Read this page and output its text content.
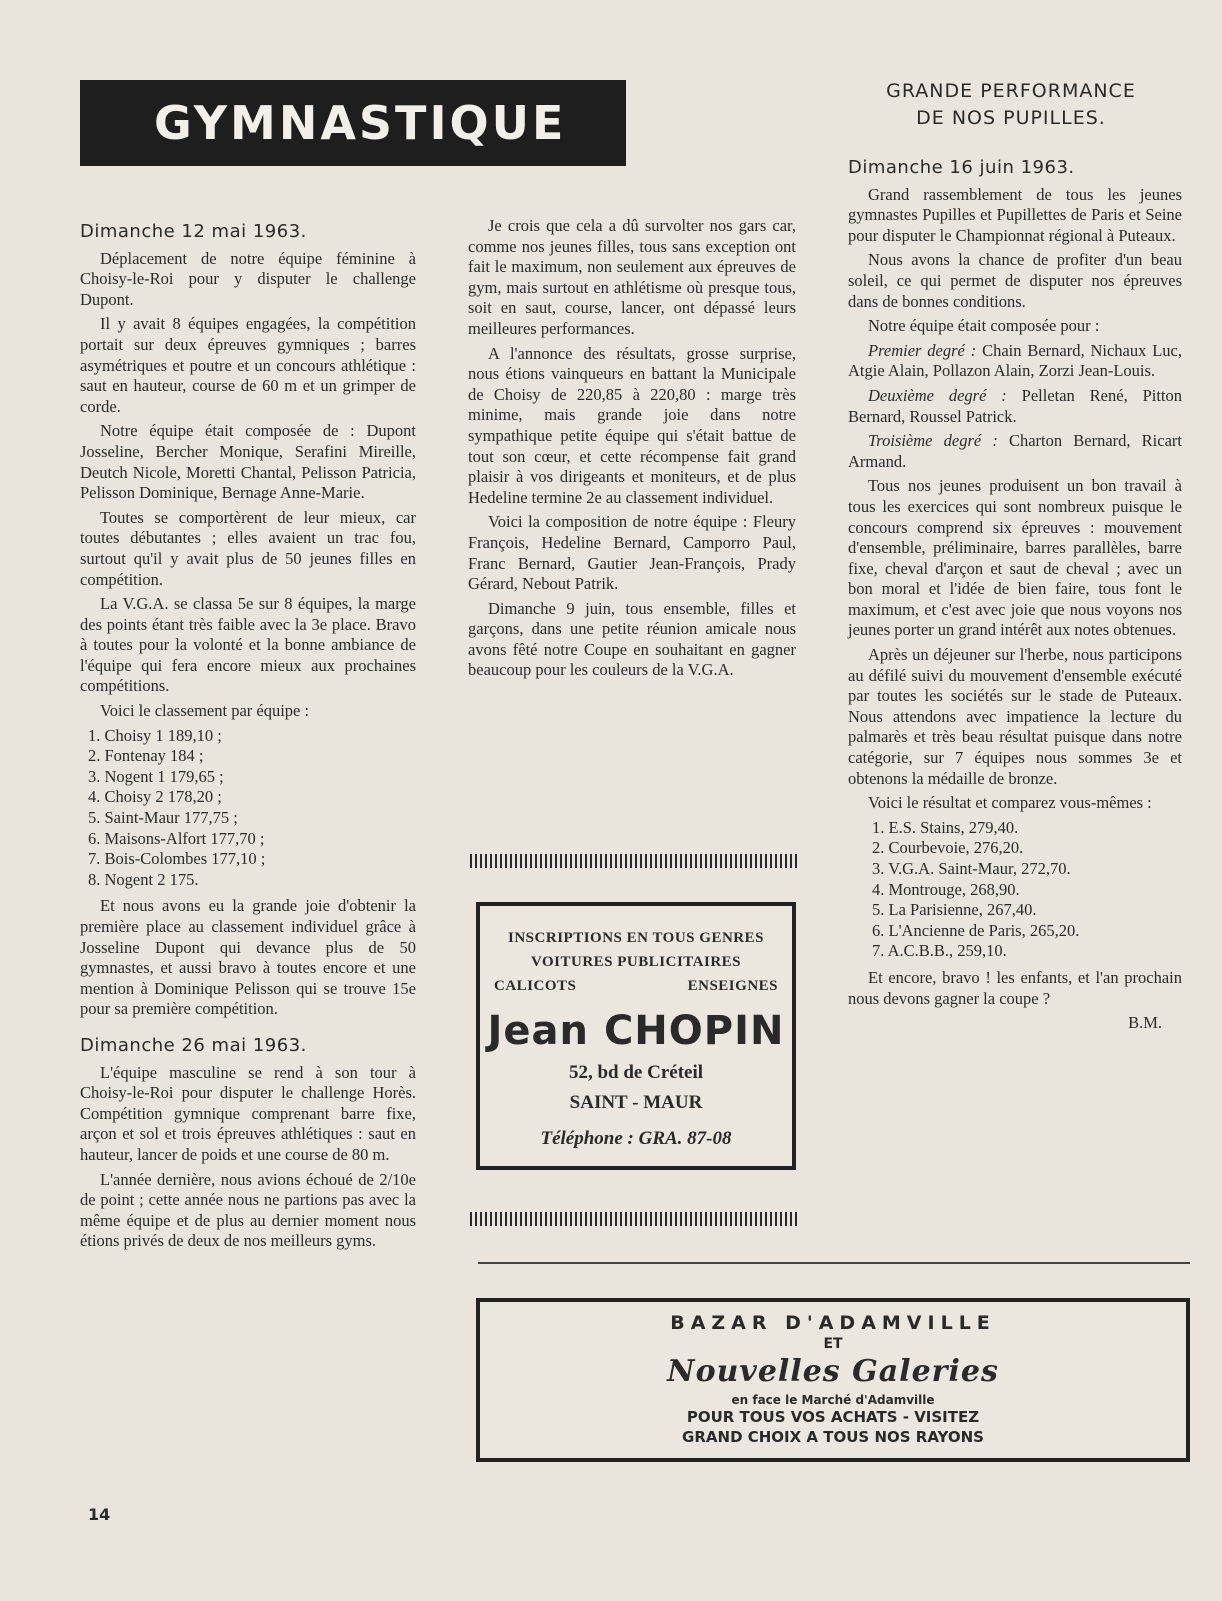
GYMNASTIQUE
GRANDE PERFORMANCE
DE NOS PUPILLES.
Dimanche 12 mai 1963.

Déplacement de notre équipe féminine à Choisy-le-Roi pour y disputer le challenge Dupont.

Il y avait 8 équipes engagées, la compétition portait sur deux épreuves gymniques ; barres asymétriques et poutre et un concours athlétique : saut en hauteur, course de 60 m et un grimper de corde.

Notre équipe était composée de : Dupont Josseline, Bercher Monique, Serafini Mireille, Deutch Nicole, Moretti Chantal, Pelisson Patricia, Pelisson Dominique, Bernage Anne-Marie.

Toutes se comportèrent de leur mieux, car toutes débutantes ; elles avaient un trac fou, surtout qu'il y avait plus de 50 jeunes filles en compétition.

La V.G.A. se classa 5e sur 8 équipes, la marge des points étant très faible avec la 3e place. Bravo à toutes pour la volonté et la bonne ambiance de l'équipe qui fera encore mieux aux prochaines compétitions.

Voici le classement par équipe :

1. Choisy 1 189,10 ;
2. Fontenay 184 ;
3. Nogent 1 179,65 ;
4. Choisy 2 178,20 ;
5. Saint-Maur 177,75 ;
6. Maisons-Alfort 177,70 ;
7. Bois-Colombes 177,10 ;
8. Nogent 2 175.

Et nous avons eu la grande joie d'obtenir la première place au classement individuel grâce à Josseline Dupont qui devance plus de 50 gymnastes, et aussi bravo à toutes encore et une mention à Dominique Pelisson qui se trouve 15e pour sa première compétition.

Dimanche 26 mai 1963.

L'équipe masculine se rend à son tour à Choisy-le-Roi pour disputer le challenge Horès. Compétition gymnique comprenant barre fixe, arçon et sol et trois épreuves athlétiques : saut en hauteur, lancer de poids et une course de 80 m.

L'année dernière, nous avions échoué de 2/10e de point ; cette année nous ne partions pas avec la même équipe et de plus au dernier moment nous étions privés de deux de nos meilleurs gyms.

Je crois que cela a dû survolter nos gars car, comme nos jeunes filles, tous sans exception ont fait le maximum, non seulement aux épreuves de gym, mais surtout en athlétisme où presque tous, soit en saut, course, lancer, ont dépassé leurs meilleures performances.

A l'annonce des résultats, grosse surprise, nous étions vainqueurs en battant la Municipale de Choisy de 220,85 à 220,80 : marge très minime, mais grande joie dans notre sympathique petite équipe qui s'était battue de tout son cœur, et cette récompense fait grand plaisir à vos dirigeants et moniteurs, et de plus Hedeline termine 2e au classement individuel.

Voici la composition de notre équipe : Fleury François, Hedeline Bernard, Camporro Paul, Franc Bernard, Gautier Jean-François, Prady Gérard, Nebout Patrik.

Dimanche 9 juin, tous ensemble, filles et garçons, dans une petite réunion amicale nous avons fêté notre Coupe en souhaitant en gagner beaucoup pour les couleurs de la V.G.A.

INSCRIPTIONS EN TOUS GENRES
VOITURES PUBLICITAIRES
CALICOTS	ENSEIGNES
Jean CHOPIN
52, bd de Créteil
SAINT - MAUR
Téléphone : GRA. 87-08
Dimanche 16 juin 1963.

Grand rassemblement de tous les jeunes gymnastes Pupilles et Pupillettes de Paris et Seine pour disputer le Championnat régional à Puteaux.

Nous avons la chance de profiter d'un beau soleil, ce qui permet de disputer nos épreuves dans de bonnes conditions.

Notre équipe était composée pour :

Premier degré : Chain Bernard, Nichaux Luc, Atgie Alain, Pollazon Alain, Zorzi Jean-Louis.

Deuxième degré : Pelletan René, Pitton Bernard, Roussel Patrick.

Troisième degré : Charton Bernard, Ricart Armand.

Tous nos jeunes produisent un bon travail à tous les exercices qui sont nombreux puisque le concours comprend six épreuves : mouvement d'ensemble, préliminaire, barres parallèles, barre fixe, cheval d'arçon et saut de cheval ; avec un bon moral et l'idée de bien faire, tous font le maximum, et c'est avec joie que nous voyons nos jeunes porter un grand intérêt aux notes obtenues.

Après un déjeuner sur l'herbe, nous participons au défilé suivi du mouvement d'ensemble exécuté par toutes les sociétés sur le stade de Puteaux. Nous attendons avec impatience la lecture du palmarès et très beau résultat puisque dans notre catégorie, sur 7 équipes nous sommes 3e et obtenons la médaille de bronze.

Voici le résultat et comparez vous-mêmes :

1. E.S. Stains, 279,40.
2. Courbevoie, 276,20.
3. V.G.A. Saint-Maur, 272,70.
4. Montrouge, 268,90.
5. La Parisienne, 267,40.
6. L'Ancienne de Paris, 265,20.
7. A.C.B.B., 259,10.

Et encore, bravo ! les enfants, et l'an prochain nous devons gagner la coupe ?

B.M.
BAZAR D'ADAMVILLE
ET
Nouvelles Galeries
en face le Marché d'Adamville
POUR TOUS VOS ACHATS - VISITEZ
GRAND CHOIX A TOUS NOS RAYONS
14
